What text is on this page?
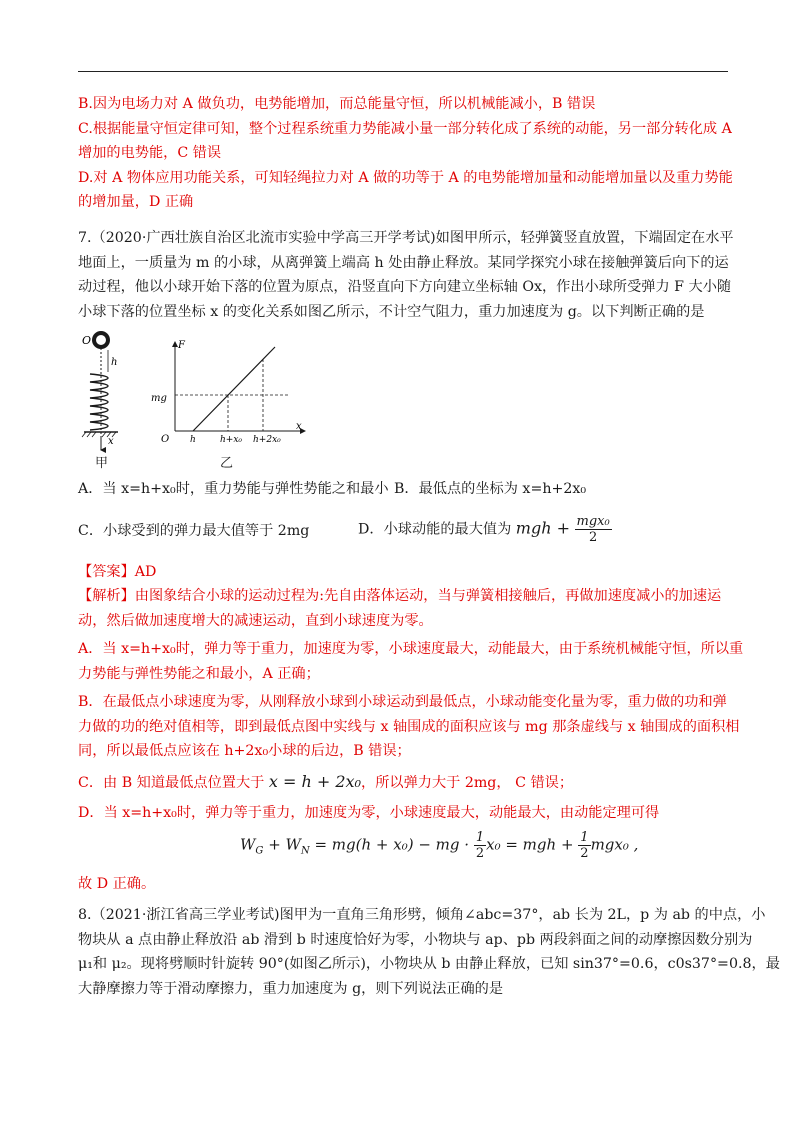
B.因为电场力对 A 做负功，电势能增加，而总能量守恒，所以机械能减小，B 错误
C.根据能量守恒定律可知，整个过程系统重力势能减小量一部分转化成了系统的动能，另一部分转化成 A
增加的电势能，C 错误
D.对 A 物体应用功能关系，可知轻绳拉力对 A 做的功等于 A 的电势能增加量和动能增加量以及重力势能
的增加量，D 正确
7.（2020·广西壮族自治区北流市实验中学高三开学考试)如图甲所示，轻弹簧竖直放置，下端固定在水平
地面上，一质量为 m 的小球，从离弹簧上端高 h 处由静止释放。某同学探究小球在接触弹簧后向下的运
动过程，他以小球开始下落的位置为原点，沿竖直向下方向建立坐标轴 Ox，作出小球所受弹力 F 大小随
小球下落的位置坐标 x 的变化关系如图乙所示，不计空气阻力，重力加速度为 g。以下判断正确的是
O
h
x
甲
F
x
O
mg
h	h+x₀ h+2x₀
乙
A．当 x=h+x₀时，重力势能与弹性势能之和最小 B．最低点的坐标为 x=h+2x₀
C．小球受到的弹力最大值等于 2mg	D．小球动能的最大值为 mgh + $\frac{\text{mgx₀}}{2}$
【答案】AD
【解析】由图象结合小球的运动过程为:先自由落体运动，当与弹簧相接触后，再做加速度减小的加速运
动，然后做加速度增大的减速运动，直到小球速度为零。
A．当 x=h+x₀时，弹力等于重力，加速度为零，小球速度最大，动能最大，由于系统机械能守恒，所以重
力势能与弹性势能之和最小，A 正确；
B．在最低点小球速度为零，从刚释放小球到小球运动到最低点，小球动能变化量为零，重力做的功和弹
力做的功的绝对值相等，即到最低点图中实线与 x 轴围成的面积应该与 mg 那条虚线与 x 轴围成的面积相
同，所以最低点应该在 h+2x₀小球的后边，B 错误；
C．由 B 知道最低点位置大于 x = h + 2x₀，所以弹力大于 2mg， C 错误；
D．当 x=h+x₀时，弹力等于重力，加速度为零，小球速度最大，动能最大，由动能定理可得
$W_G + W_N = mg(h + x_0)$ − mg · $\frac{1}{2} x_0$ = mgh + $\frac{1}{2} mgx_0$ ,
故 D 正确。
8.（2021·浙江省高三学业考试)图甲为一直角三角形劈，倾角∠abc=37°，ab 长为 2L，p 为 ab 的中点，小
物块从 a 点由静止释放沿 ab 滑到 b 时速度恰好为零，小物块与 ap、pb 两段斜面之间的动摩擦因数分别为
μ₁和 μ₂。现将劈顺时针旋转 90°(如图乙所示)，小物块从 b 由静止释放，已知 sin37°=0.6，c0s37°=0.8，最
大静摩擦力等于滑动摩擦力，重力加速度为 g，则下列说法正确的是
